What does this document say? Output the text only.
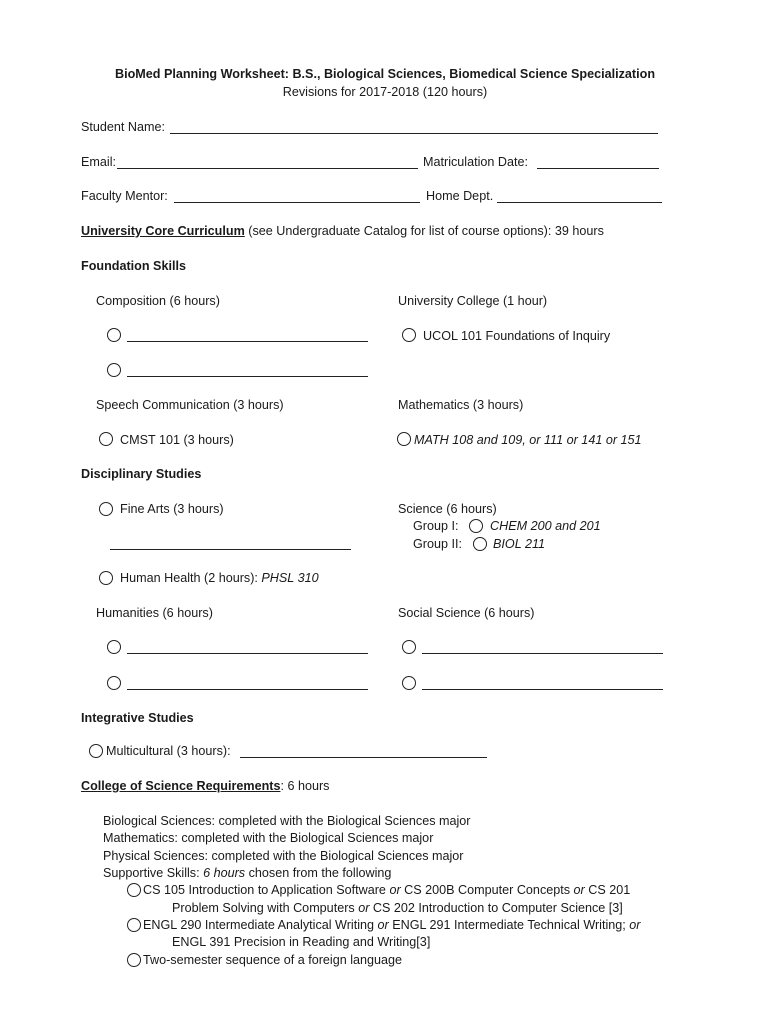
BioMed Planning Worksheet: B.S., Biological Sciences, Biomedical Science Specialization
Revisions for 2017-2018 (120 hours)
Student Name:
Email:	Matriculation Date:
Faculty Mentor:	Home Dept.
University Core Curriculum (see Undergraduate Catalog for list of course options): 39 hours
Foundation Skills
Composition (6 hours)	University College (1 hour)
UCOL 101 Foundations of Inquiry
Speech Communication (3 hours)	Mathematics (3 hours)
CMST 101 (3 hours)	MATH 108 and 109, or 111 or 141 or 151
Disciplinary Studies
Fine Arts (3 hours)	Science (6 hours)
Group I:	CHEM 200 and 201
Group II: BIOL 211
Human Health (2 hours): PHSL 310
Humanities (6 hours)	Social Science (6 hours)
Integrative Studies
Multicultural (3 hours):
College of Science Requirements: 6 hours
Biological Sciences: completed with the Biological Sciences major
Mathematics: completed with the Biological Sciences major
Physical Sciences: completed with the Biological Sciences major
Supportive Skills: 6 hours chosen from the following
CS 105 Introduction to Application Software or CS 200B Computer Concepts or CS 201
Problem Solving with Computers or CS 202 Introduction to Computer Science [3]
ENGL 290 Intermediate Analytical Writing or ENGL 291 Intermediate Technical Writing; or
ENGL 391 Precision in Reading and Writing[3]
Two-semester sequence of a foreign language
